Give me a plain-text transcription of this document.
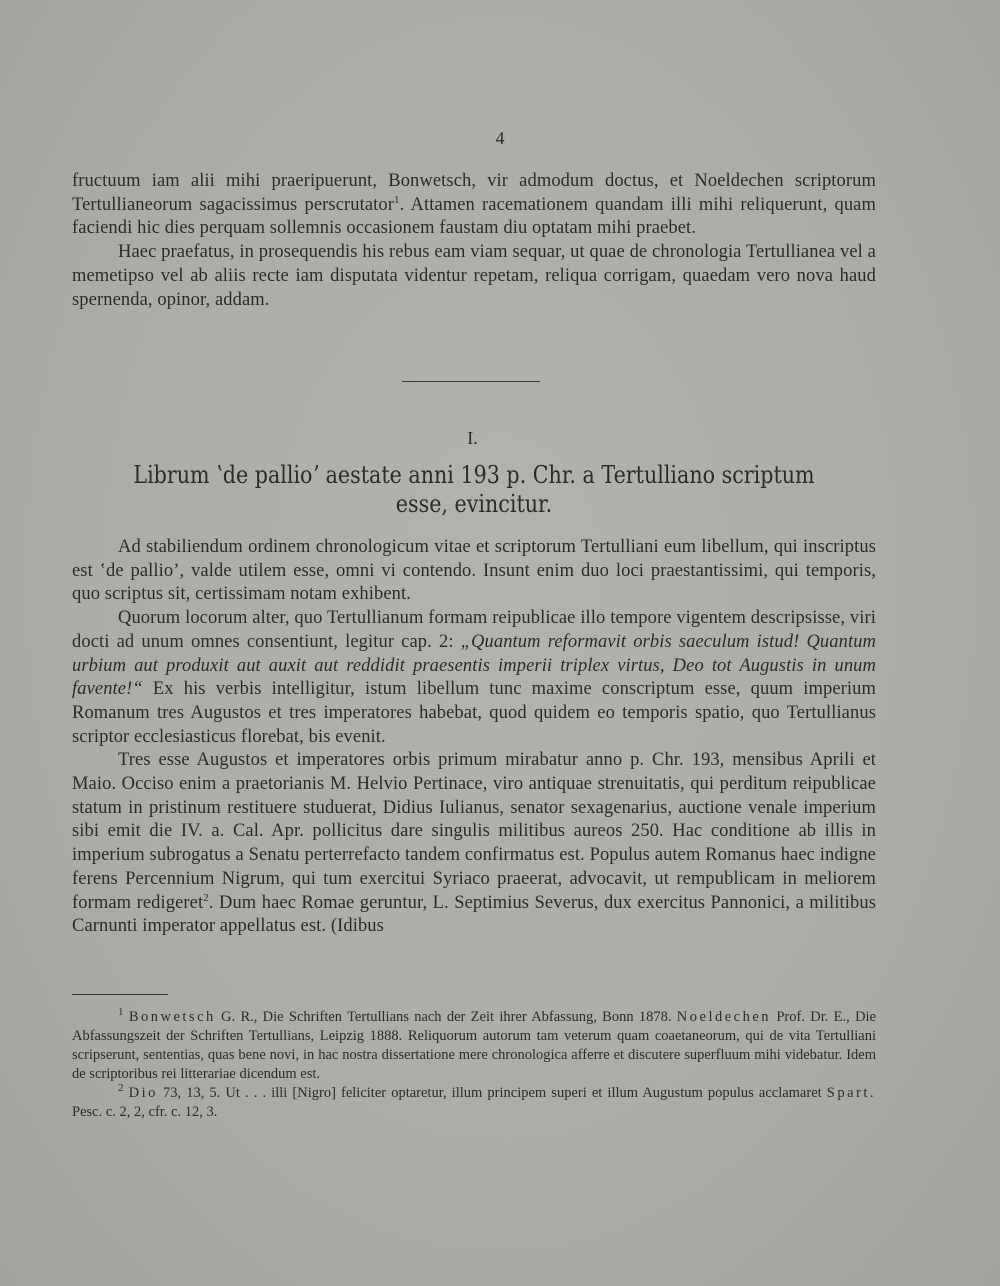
4

fructuum iam alii mihi praeripuerunt, Bonwetsch, vir admodum doctus, et Noeldechen scriptorum Tertullianeorum sagacissimus perscrutator$^1$. Attamen racemationem quandam illi mihi reliquerunt, quam faciendi hic dies perquam sollemnis occasionem faustam diu optatam mihi praebet.

Haec praefatus, in prosequendis his rebus eam viam sequar, ut quae de chronologia Tertullianea vel a memetipso vel ab aliis recte iam disputata videntur repetam, reliqua corrigam, quaedam vero nova haud spernenda, opinor, addam.

I.
Librum ʽde pallioʼ aestate anni 193 p. Chr. a Tertulliano scriptum esse, evincitur.

Ad stabiliendum ordinem chronologicum vitae et scriptorum Tertulliani eum libellum, qui inscriptus est ʽde pallioʼ, valde utilem esse, omni vi contendo. Insunt enim duo loci praestantissimi, qui temporis, quo scriptus sit, certissimam notam exhibent.

Quorum locorum alter, quo Tertullianum formam reipublicae illo tempore vigentem descripsisse, viri docti ad unum omnes consentiunt, legitur cap. 2: „Quantum reformavit orbis saeculum istud! Quantum urbium aut produxit aut auxit aut reddidit praesentis imperii triplex virtus, Deo tot Augustis in unum favente!“ Ex his verbis intelligitur, istum libellum tunc maxime conscriptum esse, quum imperium Romanum tres Augustos et tres imperatores habebat, quod quidem eo temporis spatio, quo Tertullianus scriptor ecclesiasticus florebat, bis evenit.

Tres esse Augustos et imperatores orbis primum mirabatur anno p. Chr. 193, mensibus Aprili et Maio. Occiso enim a praetorianis M. Helvio Pertinace, viro antiquae strenuitatis, qui perditum reipublicae statum in pristinum restituere studuerat, Didius Iulianus, senator sexagenarius, auctione venale imperium sibi emit die IV. a. Cal. Apr. pollicitus dare singulis militibus aureos 250. Hac conditione ab illis in imperium subrogatus a Senatu perterrefacto tandem confirmatus est. Populus autem Romanus haec indigne ferens Percennium Nigrum, qui tum exercitui Syriaco praeerat, advocavit, ut rempublicam in meliorem formam redigeret$^2$. Dum haec Romae geruntur, L. Septimius Severus, dux exercitus Pannonici, a militibus Carnunti imperator appellatus est. (Idibus

$^1$ Bonwetsch G. R., Die Schriften Tertullians nach der Zeit ihrer Abfassung, Bonn 1878. Noeldechen Prof. Dr. E., Die Abfassungszeit der Schriften Tertullians, Leipzig 1888. Reliquorum autorum tam veterum quam coaetaneorum, qui de vita Tertulliani scripserunt, sententias, quas bene novi, in hac nostra dissertatione mere chronologica afferre et discutere superfluum mihi videbatur. Idem de scriptoribus rei litterariae dicendum est.

$^2$ Dio 73, 13, 5. Ut . . . illi [Nigro] feliciter optaretur, illum principem superi et illum Augustum populus acclamaret Spart. Pesc. c. 2, 2, cfr. c. 12, 3.
